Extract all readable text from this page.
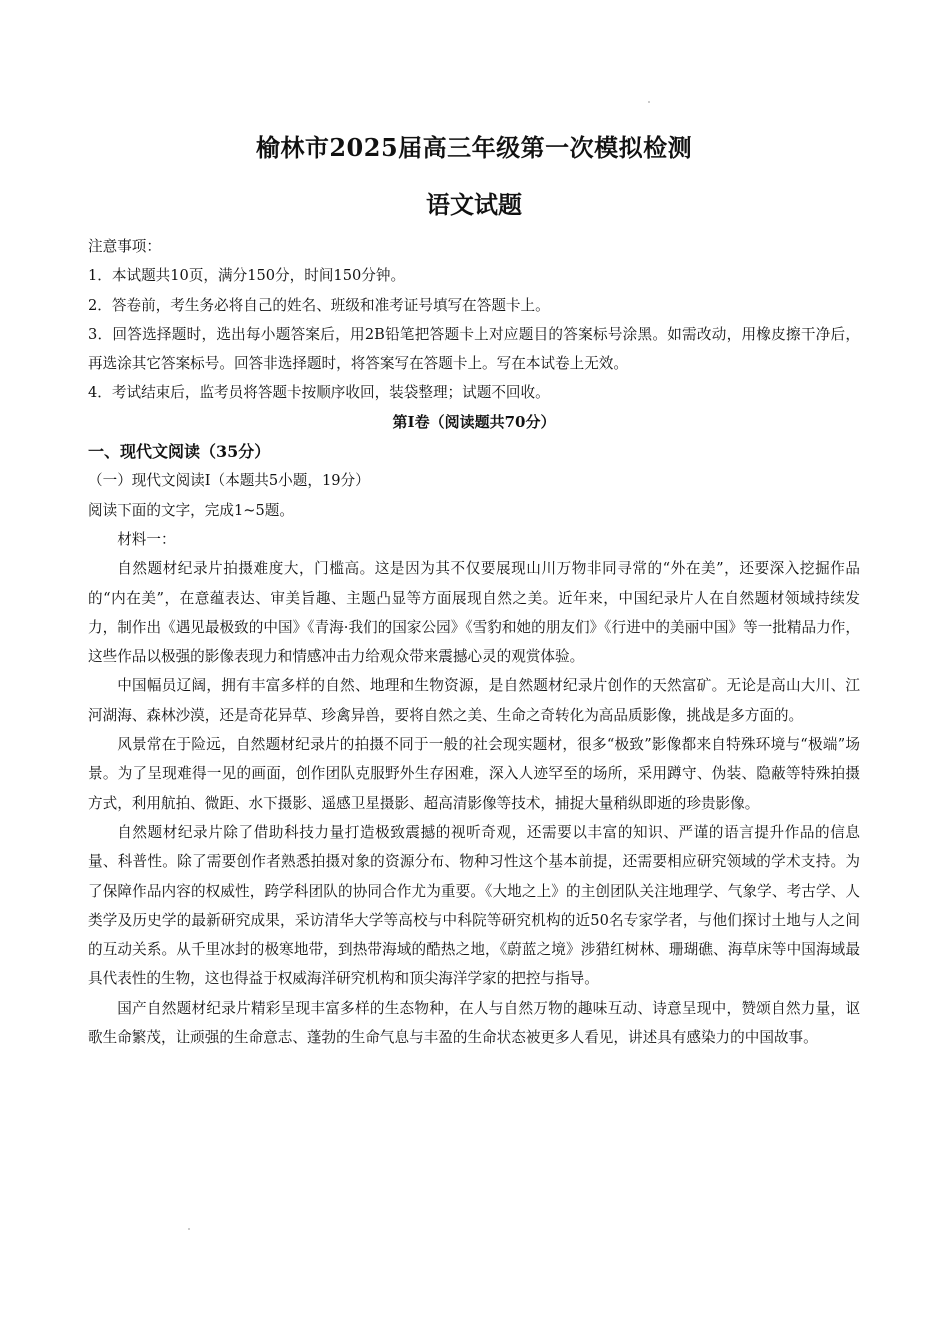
榆林市2025届高三年级第一次模拟检测
语文试题

注意事项：

1．本试题共10页，满分150分，时间150分钟。

2．答卷前，考生务必将自己的姓名、班级和准考证号填写在答题卡上。

3．回答选择题时，选出每小题答案后，用2B铅笔把答题卡上对应题目的答案标号涂黑。如需改动，用橡皮擦干净后，再选涂其它答案标号。回答非选择题时，将答案写在答题卡上。写在本试卷上无效。

4．考试结束后，监考员将答题卡按顺序收回，装袋整理；试题不回收。

第Ⅰ卷（阅读题共70分）

一、现代文阅读（35分）

（一）现代文阅读Ⅰ（本题共5小题，19分）

阅读下面的文字，完成1~5题。

材料一：

自然题材纪录片拍摄难度大，门槛高。这是因为其不仅要展现山川万物非同寻常的“外在美”，还要深入挖掘作品的“内在美”，在意蕴表达、审美旨趣、主题凸显等方面展现自然之美。近年来，中国纪录片人在自然题材领域持续发力，制作出《遇见最极致的中国》《青海·我们的国家公园》《雪豹和她的朋友们》《行进中的美丽中国》等一批精品力作，这些作品以极强的影像表现力和情感冲击力给观众带来震撼心灵的观赏体验。

中国幅员辽阔，拥有丰富多样的自然、地理和生物资源，是自然题材纪录片创作的天然富矿。无论是高山大川、江河湖海、森林沙漠，还是奇花异草、珍禽异兽，要将自然之美、生命之奇转化为高品质影像，挑战是多方面的。

风景常在于险远，自然题材纪录片的拍摄不同于一般的社会现实题材，很多“极致”影像都来自特殊环境与“极端”场景。为了呈现难得一见的画面，创作团队克服野外生存困难，深入人迹罕至的场所，采用蹲守、伪装、隐蔽等特殊拍摄方式，利用航拍、微距、水下摄影、遥感卫星摄影、超高清影像等技术，捕捉大量稍纵即逝的珍贵影像。

自然题材纪录片除了借助科技力量打造极致震撼的视听奇观，还需要以丰富的知识、严谨的语言提升作品的信息量、科普性。除了需要创作者熟悉拍摄对象的资源分布、物种习性这个基本前提，还需要相应研究领域的学术支持。为了保障作品内容的权威性，跨学科团队的协同合作尤为重要。《大地之上》的主创团队关注地理学、气象学、考古学、人类学及历史学的最新研究成果，采访清华大学等高校与中科院等研究机构的近50名专家学者，与他们探讨土地与人之间的互动关系。从千里冰封的极寒地带，到热带海域的酷热之地，《蔚蓝之境》涉猎红树林、珊瑚礁、海草床等中国海域最具代表性的生物，这也得益于权威海洋研究机构和顶尖海洋学家的把控与指导。

国产自然题材纪录片精彩呈现丰富多样的生态物种，在人与自然万物的趣味互动、诗意呈现中，赞颂自然力量，讴歌生命繁茂，让顽强的生命意志、蓬勃的生命气息与丰盈的生命状态被更多人看见，讲述具有感染力的中国故事。
